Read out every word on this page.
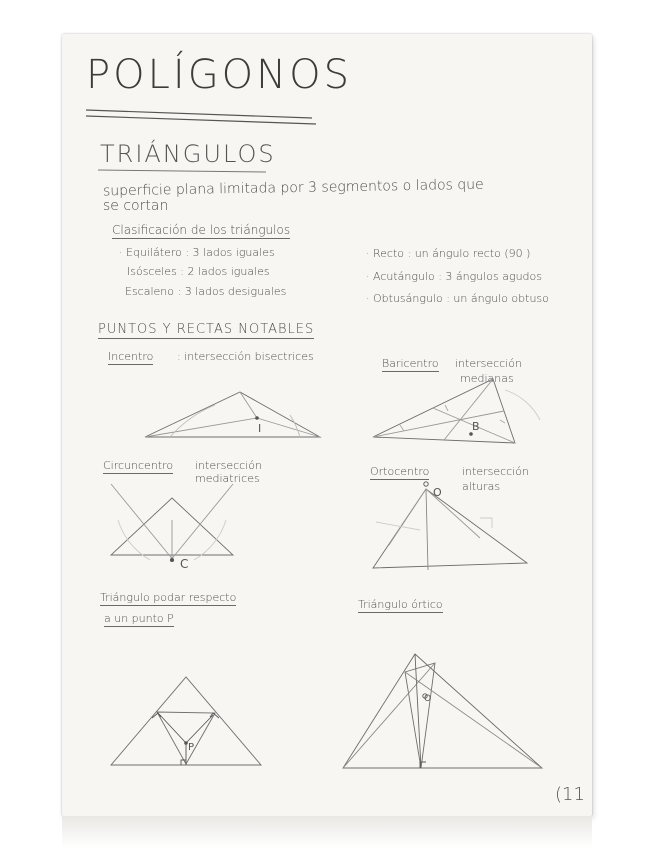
POLÍGONOS
TRIÁNGULOS
superficie plana limitada por 3 segmentos o lados que
se cortan
Clasificación de los triángulos
· Equilátero : 3 lados iguales
Isósceles : 2 lados iguales
Escaleno : 3 lados desiguales
· Recto : un ángulo recto (90 )
· Acutángulo : 3 ángulos agudos
· Obtusángulo : un ángulo obtuso
PUNTOS Y RECTAS NOTABLES
Incentro : intersección bisectrices
Baricentro intersección
medianas
Circuncentro intersección
mediatrices
Ortocentro	intersección
alturas
Triángulo podar respecto
a un punto P
Triángulo órtico
I	B
C
O
P
O
(11
